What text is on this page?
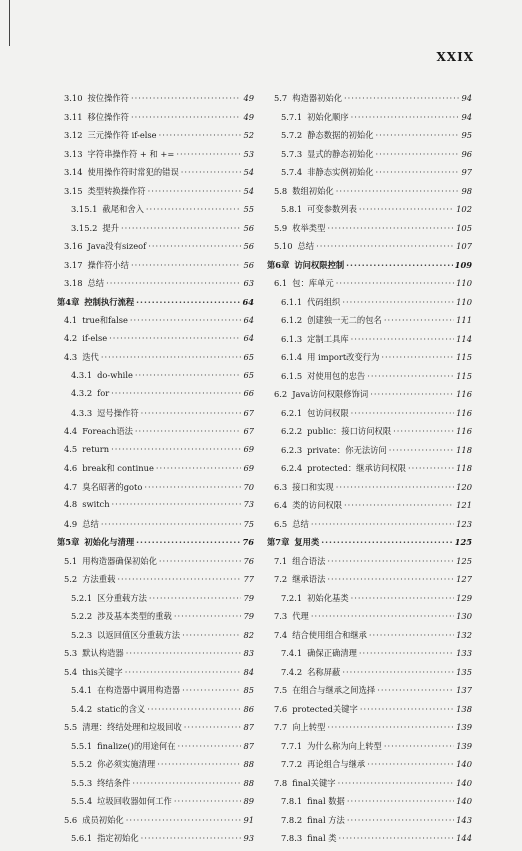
XXIX
3.10 按位操作符 ·····	49
3.11 移位操作符 ·····	49
3.12 三元操作符 if-else ·····	52
3.13 字符串操作符 + 和 += ·····	53
3.14 使用操作符时常犯的错误 ·····	54
3.15 类型转换操作符 ·····	54
3.15.1 截尾和舍入 ·····	55
3.15.2 提升 ·····	56
3.16 Java没有sizeof ·····	56
3.17 操作符小结 ·····	56
3.18 总结 ·····	63
第4章 控制执行流程 ·····	64
4.1 true和false ·····	64
4.2 if-else ·····	64
4.3 迭代 ·····	65
4.3.1 do-while ·····	65
4.3.2 for ·····	66
4.3.3 逗号操作符 ·····	67
4.4 Foreach语法 ·····	67
4.5 return ·····	69
4.6 break和 continue ·····	69
4.7 臭名昭著的goto ·····	70
4.8 switch ·····	73
4.9 总结 ·····	75
第5章 初始化与清理 ·····	76
5.1 用构造器确保初始化 ·····	76
5.2 方法重载 ·····	77
5.2.1 区分重载方法 ·····	79
5.2.2 涉及基本类型的重载 ·····	79
5.2.3 以返回值区分重载方法 ·····	82
5.3 默认构造器 ·····	83
5.4 this关键字 ·····	84
5.4.1 在构造器中调用构造器 ·····	85
5.4.2 static的含义 ·····	86
5.5 清理：终结处理和垃圾回收 ·····	87
5.5.1 finalize()的用途何在 ·····	87
5.5.2 你必须实施清理 ·····	88
5.5.3 终结条件 ·····	88
5.5.4 垃圾回收器如何工作 ·····	89
5.6 成员初始化 ·····	91
5.6.1 指定初始化 ·····	93
5.7 构造器初始化 ·····	94
5.7.1 初始化顺序 ·····	94
5.7.2 静态数据的初始化 ·····	95
5.7.3 显式的静态初始化 ·····	96
5.7.4 非静态实例初始化 ·····	97
5.8 数组初始化 ·····	98
5.8.1 可变参数列表 ·····	102
5.9 枚举类型 ·····	105
5.10 总结 ·····	107
第6章 访问权限控制 ·····	109
6.1 包：库单元 ·····	110
6.1.1 代码组织 ·····	110
6.1.2 创建独一无二的包名 ·····	111
6.1.3 定制工具库 ·····	114
6.1.4 用 import改变行为 ·····	115
6.1.5 对使用包的忠告 ·····	115
6.2 Java访问权限修饰词 ·····	116
6.2.1 包访问权限 ·····	116
6.2.2 public：接口访问权限 ·····	116
6.2.3 private：你无法访问 ·····	118
6.2.4 protected：继承访问权限 ·····	118
6.3 接口和实现 ·····	120
6.4 类的访问权限 ·····	121
6.5 总结 ·····	123
第7章 复用类 ·····	125
7.1 组合语法 ·····	125
7.2 继承语法 ·····	127
7.2.1 初始化基类 ·····	129
7.3 代理 ·····	130
7.4 结合使用组合和继承 ·····	132
7.4.1 确保正确清理 ·····	133
7.4.2 名称屏蔽 ·····	135
7.5 在组合与继承之间选择 ·····	137
7.6 protected关键字 ·····	138
7.7 向上转型 ·····	139
7.7.1 为什么称为向上转型 ·····	139
7.7.2 再论组合与继承 ·····	140
7.8 final关键字 ·····	140
7.8.1 final 数据 ·····	140
7.8.2 final 方法 ·····	143
7.8.3 final 类 ·····	144
